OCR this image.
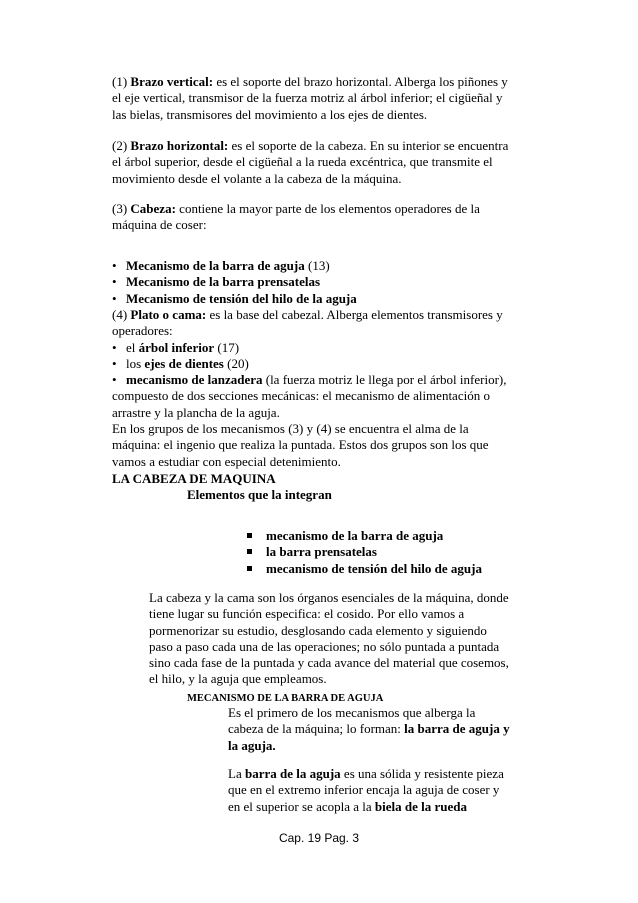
(1) Brazo vertical: es el soporte del brazo horizontal. Alberga los piñones y
el eje vertical, transmisor de la fuerza motriz al árbol inferior; el cigüeñal y
las bielas, transmisores del movimiento a los ejes de dientes.
(2) Brazo horizontal: es el soporte de la cabeza. En su interior se encuentra
el árbol superior, desde el cigüeñal a la rueda excéntrica, que transmite el
movimiento desde el volante a la cabeza de la máquina.
(3) Cabeza: contiene la mayor parte de los elementos operadores de la
máquina de coser:
• Mecanismo de la barra de aguja (13)
• Mecanismo de la barra prensatelas
• Mecanismo de tensión del hilo de la aguja
(4) Plato o cama: es la base del cabezal. Alberga elementos transmisores y
operadores:
• el árbol inferior (17)
• los ejes de dientes (20)
• mecanismo de lanzadera (la fuerza motriz le llega por el árbol inferior),
compuesto de dos secciones mecánicas: el mecanismo de alimentación o
arrastre y la plancha de la aguja.
En los grupos de los mecanismos (3) y (4) se encuentra el alma de la
máquina: el ingenio que realiza la puntada. Estos dos grupos son los que
vamos a estudiar con especial detenimiento.
LA CABEZA DE MAQUINA
Elementos que la integran
mecanismo de la barra de aguja
la barra prensatelas
mecanismo de tensión del hilo de aguja
La cabeza y la cama son los órganos esenciales de la máquina, donde
tiene lugar su función especifica: el cosido. Por ello vamos a
pormenorizar su estudio, desglosando cada elemento y siguiendo
paso a paso cada una de las operaciones; no sólo puntada a puntada
sino cada fase de la puntada y cada avance del material que cosemos,
el hilo, y la aguja que empleamos.
MECANISMO DE LA BARRA DE AGUJA
Es el primero de los mecanismos que alberga la
cabeza de la máquina; lo forman: la barra de aguja y
la aguja.
La barra de la aguja es una sólida y resistente pieza
que en el extremo inferior encaja la aguja de coser y
en el superior se acopla a la biela de la rueda
Cap. 19 Pag. 3
